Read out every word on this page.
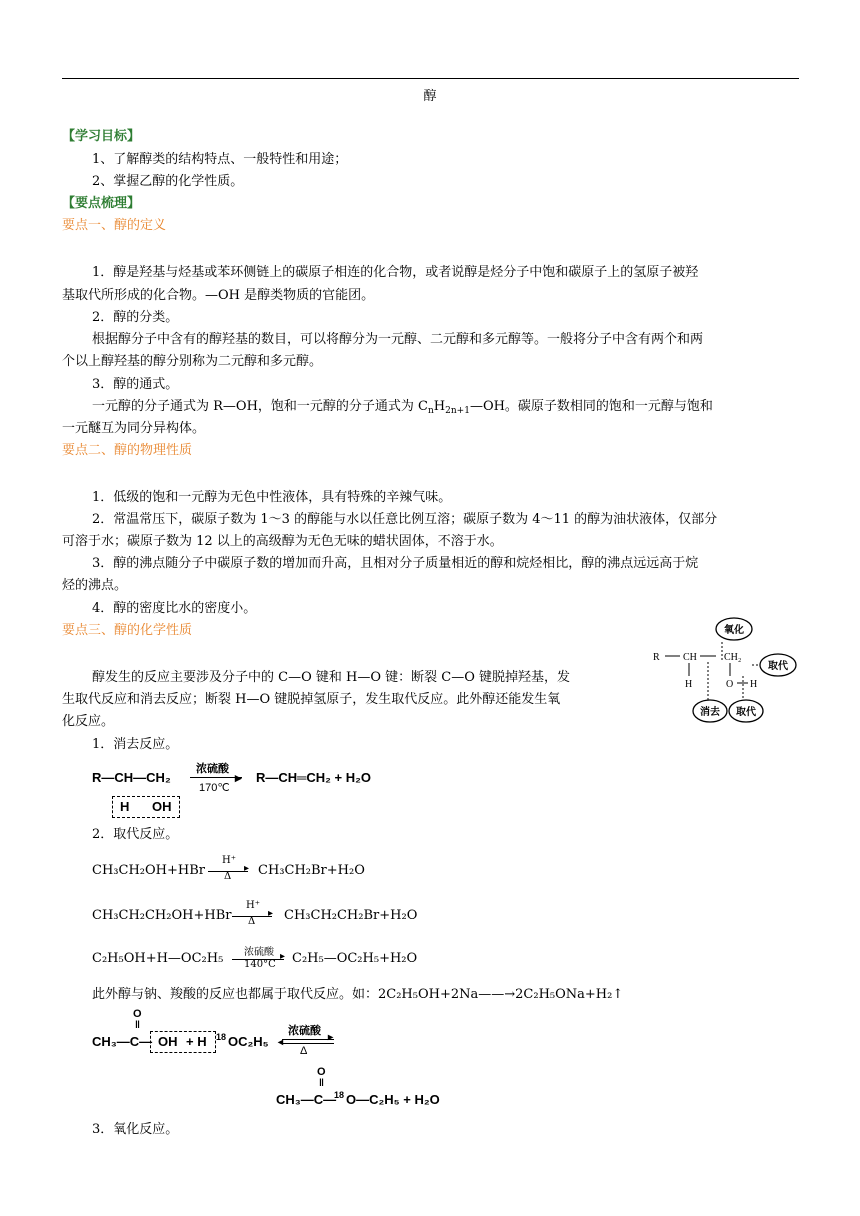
醇
【学习目标】
1、了解醇类的结构特点、一般特性和用途；
2、掌握乙醇的化学性质。
【要点梳理】
要点一、醇的定义
1．醇是羟基与烃基或苯环侧链上的碳原子相连的化合物，或者说醇是烃分子中饱和碳原子上的氢原子被羟
基取代所形成的化合物。—OH 是醇类物质的官能团。
2．醇的分类。
根据醇分子中含有的醇羟基的数目，可以将醇分为一元醇、二元醇和多元醇等。一般将分子中含有两个和两
个以上醇羟基的醇分别称为二元醇和多元醇。
3．醇的通式。
一元醇的分子通式为 R—OH，饱和一元醇的分子通式为 $C_nH_{2n+1}—OH$。碳原子数相同的饱和一元醇与饱和
一元醚互为同分异构体。
要点二、醇的物理性质
1．低级的饱和一元醇为无色中性液体，具有特殊的辛辣气味。
2．常温常压下，碳原子数为 1～3 的醇能与水以任意比例互溶；碳原子数为 4～11 的醇为油状液体，仅部分
可溶于水；碳原子数为 12 以上的高级醇为无色无味的蜡状固体，不溶于水。
3．醇的沸点随分子中碳原子数的增加而升高，且相对分子质量相近的醇和烷烃相比，醇的沸点远远高于烷
烃的沸点。
4．醇的密度比水的密度小。
要点三、醇的化学性质
醇发生的反应主要涉及分子中的 C—O 键和 H—O 键：断裂 C—O 键脱掉羟基，发
生取代反应和消去反应；断裂 H—O 键脱掉氢原子，发生取代反应。此外醇还能发生氧
化反应。
1．消去反应。
氧化
取代
消去 取代
R CH	CH₂
H	O H
R—CH—CH₂
浓硫酸
▸
170℃
R—CH═CH₂ + H₂O
H OH
2．取代反应。
CH₃CH₂OH+HBr
H⁺
▸
Δ CH₃CH₂Br+H₂O
CH₃CH₂CH₂OH+HBr
H⁺
▸
Δ CH₃CH₂CH₂Br+H₂O
C₂H₅OH+H—OC₂H₅ 浓硫酸 ▸
140°C C₂H₅—OC₂H₅+H₂O
此外醇与钠、羧酸的反应也都属于取代反应。如：2C₂H₅OH+2Na——→2C₂H₅ONa+H₂↑
O
‖
CH₃—C— OH + H 18 OC₂H₅
浓硫酸
▸
◂
Δ
O
‖
CH₃—C—
18 O—C₂H₅ + H₂O
3．氧化反应。
